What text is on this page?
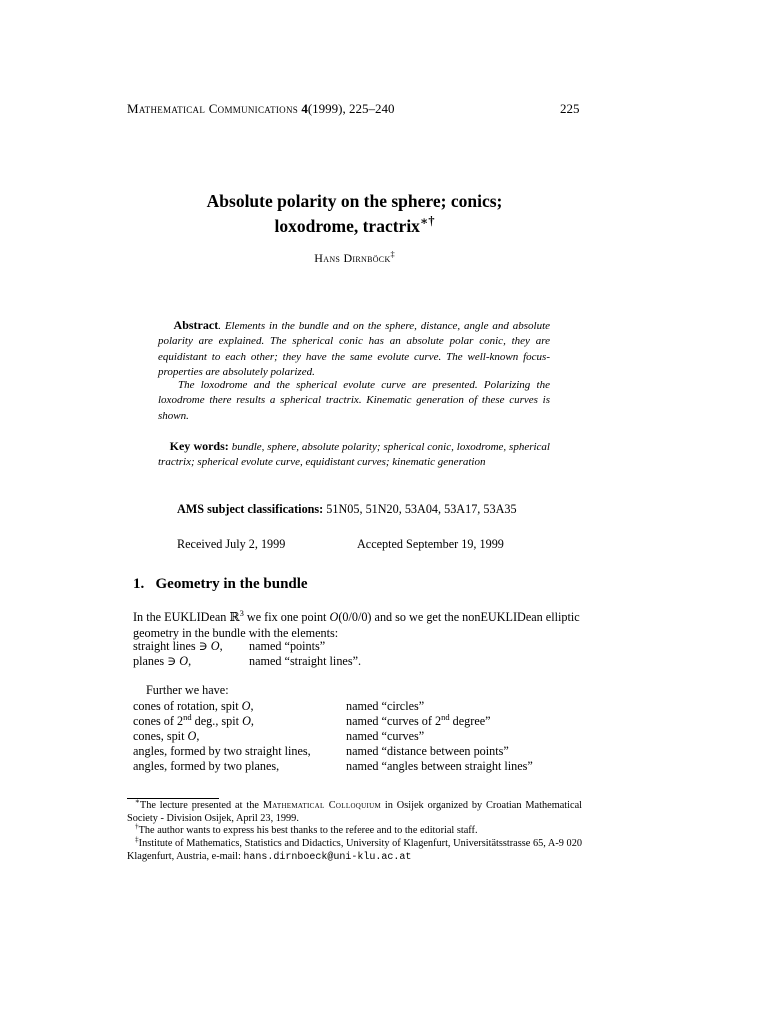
Mathematical Communications 4(1999), 225–240	225
Absolute polarity on the sphere; conics;
loxodrome, tractrix∗†
Hans Dirnböck‡
Abstract. Elements in the bundle and on the sphere, distance, angle and absolute polarity are explained. The spherical conic has an absolute polar conic, they are equidistant to each other; they have the same evolute curve. The well-known focus-properties are absolutely polarized.
The loxodrome and the spherical evolute curve are presented. Polarizing the loxodrome there results a spherical tractrix. Kinematic generation of these curves is shown.
Key words: bundle, sphere, absolute polarity; spherical conic, loxodrome, spherical tractrix; spherical evolute curve, equidistant curves; kinematic generation
AMS subject classifications: 51N05, 51N20, 53A04, 53A17, 53A35
Received July 2, 1999	Accepted September 19, 1999
1.   Geometry in the bundle
In the EUKLIDean ℝ$^3$ we fix one point O(0/0/0) and so we get the nonEUKLIDean elliptic geometry in the bundle with the elements:
straight lines ∋ O,	named “points”
planes ∋ O,	named “straight lines”.
Further we have:
cones of rotation, spit O,	named “circles”
cones of 2nd deg., spit O,	named “curves of 2nd degree”
cones, spit O,	named “curves”
angles, formed by two straight lines,	named “distance between points”
angles, formed by two planes,	named “angles between straight lines”
∗The lecture presented at the Mathematical Colloquium in Osijek organized by Croatian Mathematical Society - Division Osijek, April 23, 1999.
†The author wants to express his best thanks to the referee and to the editorial staff.
‡Institute of Mathematics, Statistics and Didactics, University of Klagenfurt, Universitätsstrasse 65, A-9 020 Klagenfurt, Austria, e-mail: hans.dirnboeck@uni-klu.ac.at
